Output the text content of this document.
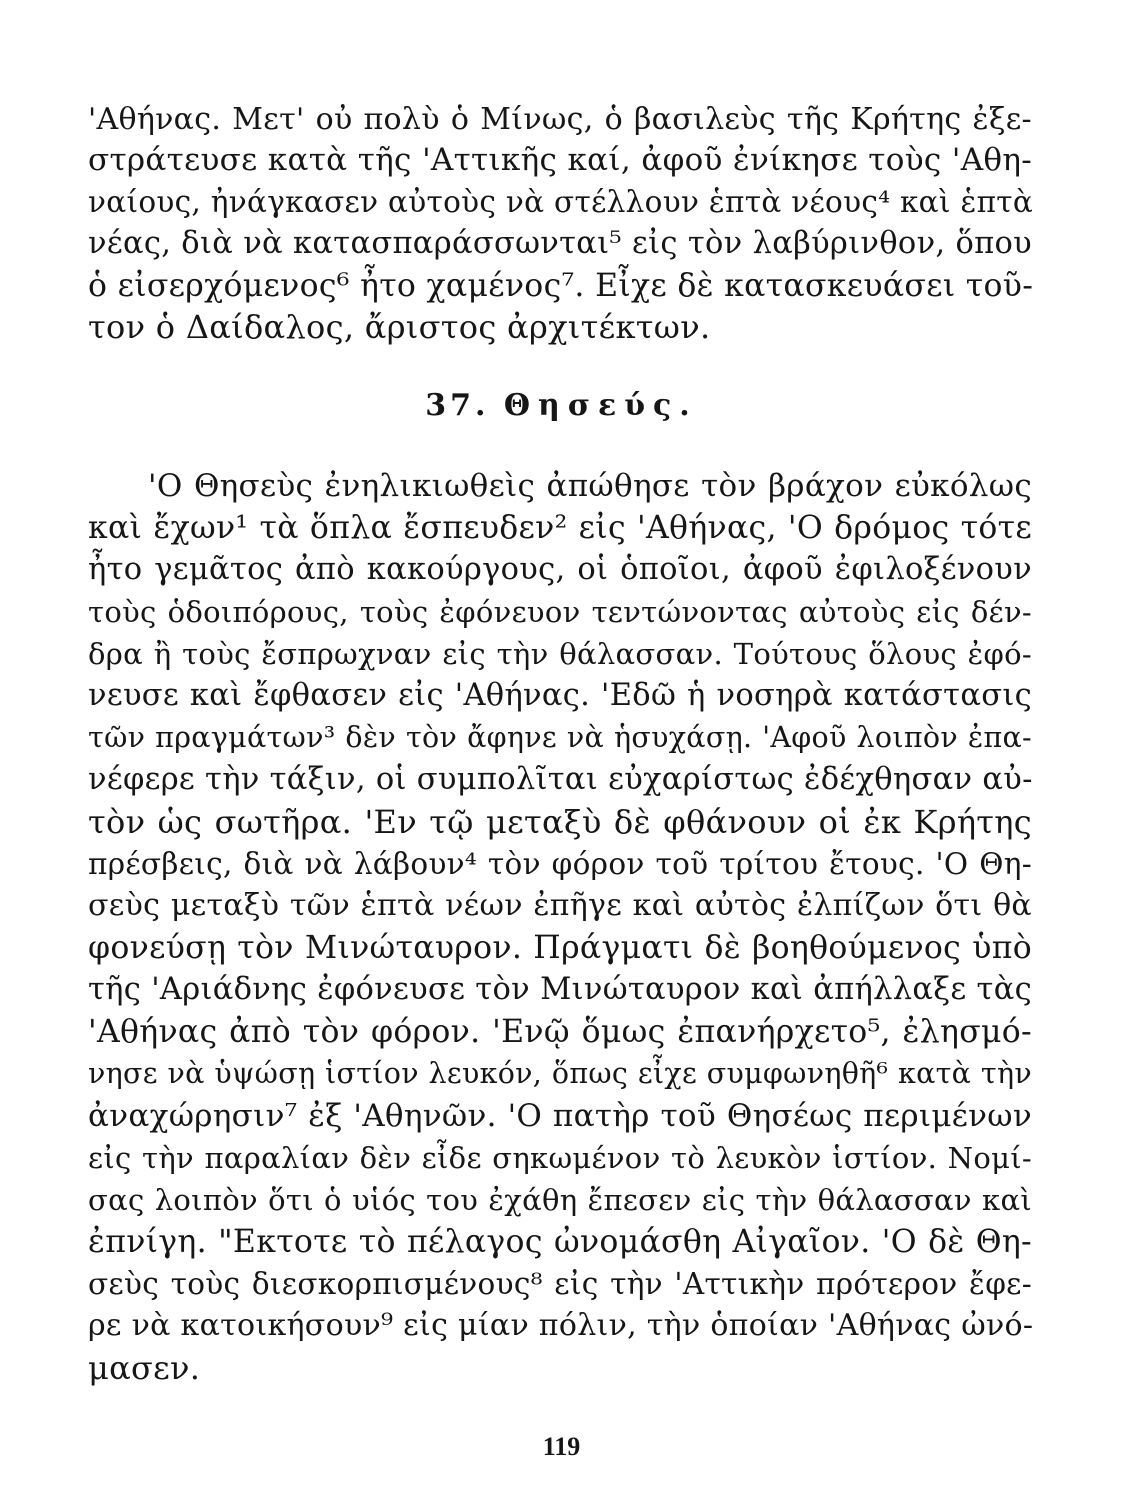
'Αθήνας. Μετ' οὐ πολὺ ὁ Μίνως, ὁ βασιλεὺς τῆς Κρήτης ἐξε-
στράτευσε κατὰ τῆς 'Αττικῆς καί, ἀφοῦ ἐνίκησε τοὺς 'Αθη-
ναίους, ἠνάγκασεν αὐτοὺς νὰ στέλλουν ἑπτὰ νέους⁴ καὶ ἑπτὰ
νέας, διὰ νὰ κατασπαράσσωνται⁵ εἰς τὸν λαβύρινθον, ὅπου
ὁ εἰσερχόμενος⁶ ἦτο χαμένος⁷. Εἶχε δὲ κατασκευάσει τοῦ-
τον ὁ Δαίδαλος, ἄριστος ἀρχιτέκτων.
37. Θησεύς.
'Ο Θησεὺς ἐνηλικιωθεὶς ἀπώθησε τὸν βράχον εὐκόλως
καὶ ἔχων¹ τὰ ὅπλα ἔσπευδεν² εἰς 'Αθήνας, 'Ο δρόμος τότε
ἦτο γεμᾶτος ἀπὸ κακούργους, οἱ ὁποῖοι, ἀφοῦ ἐφιλοξένουν
τοὺς ὁδοιπόρους, τοὺς ἐφόνευον τεντώνοντας αὐτοὺς εἰς δέν-
δρα ἢ τοὺς ἔσπρωχναν εἰς τὴν θάλασσαν. Τούτους ὅλους ἐφό-
νευσε καὶ ἔφθασεν εἰς 'Αθήνας. 'Εδῶ ἡ νοσηρὰ κατάστασις
τῶν πραγμάτων³ δὲν τὸν ἄφηνε νὰ ἡσυχάσῃ. 'Αφοῦ λοιπὸν ἐπα-
νέφερε τὴν τάξιν, οἱ συμπολῖται εὐχαρίστως ἐδέχθησαν αὐ-
τὸν ὡς σωτῆρα. 'Εν τῷ μεταξὺ δὲ φθάνουν οἱ ἐκ Κρήτης
πρέσβεις, διὰ νὰ λάβουν⁴ τὸν φόρον τοῦ τρίτου ἔτους. 'Ο Θη-
σεὺς μεταξὺ τῶν ἑπτὰ νέων ἐπῆγε καὶ αὐτὸς ἐλπίζων ὅτι θὰ
φονεύσῃ τὸν Μινώταυρον. Πράγματι δὲ βοηθούμενος ὑπὸ
τῆς 'Αριάδνης ἐφόνευσε τὸν Μινώταυρον καὶ ἀπήλλαξε τὰς
'Αθήνας ἀπὸ τὸν φόρον. 'Ενῷ ὅμως ἐπανήρχετο⁵, ἐλησμό-
νησε νὰ ὑψώσῃ ἱστίον λευκόν, ὅπως εἶχε συμφωνηθῆ⁶ κατὰ τὴν
ἀναχώρησιν⁷ ἐξ 'Αθηνῶν. 'Ο πατὴρ τοῦ Θησέως περιμένων
εἰς τὴν παραλίαν δὲν εἶδε σηκωμένον τὸ λευκὸν ἱστίον. Νομί-
σας λοιπὸν ὅτι ὁ υἱός του ἐχάθη ἔπεσεν εἰς τὴν θάλασσαν καὶ
ἐπνίγη. "Εκτοτε τὸ πέλαγος ὠνομάσθη Αἰγαῖον. 'Ο δὲ Θη-
σεὺς τοὺς διεσκορπισμένους⁸ εἰς τὴν 'Αττικὴν πρότερον ἔφε-
ρε νὰ κατοικήσουν⁹ εἰς μίαν πόλιν, τὴν ὁποίαν 'Αθήνας ὠνό-
μασεν.
119
